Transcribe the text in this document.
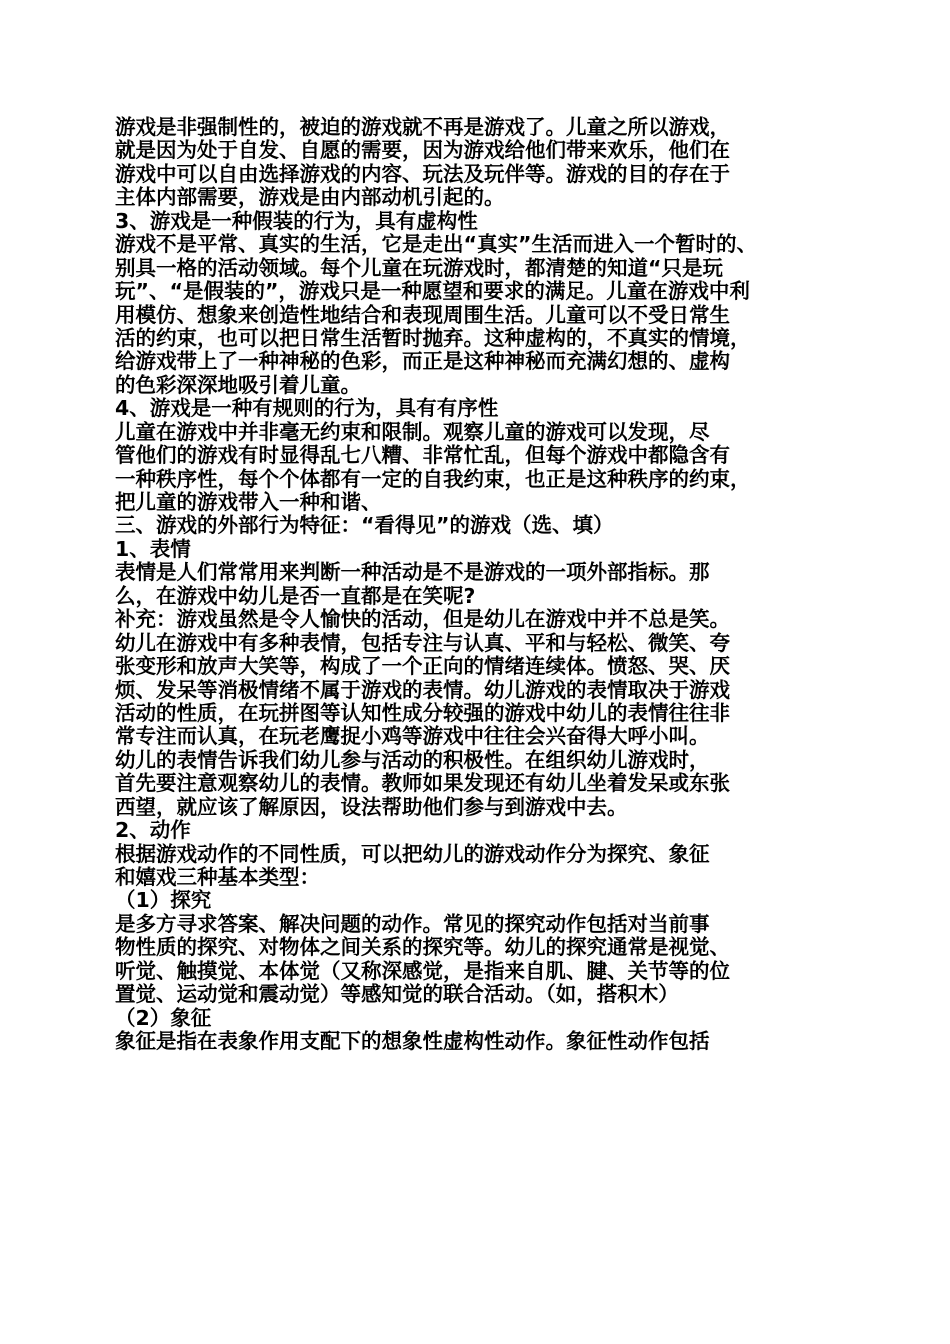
游戏是非强制性的，被迫的游戏就不再是游戏了。儿童之所以游戏，
就是因为处于自发、自愿的需要，因为游戏给他们带来欢乐，他们在
游戏中可以自由选择游戏的内容、玩法及玩伴等。游戏的目的存在于
主体内部需要，游戏是由内部动机引起的。
3、游戏是一种假装的行为，具有虚构性
游戏不是平常、真实的生活，它是走出“真实”生活而进入一个暂时的、
别具一格的活动领域。每个儿童在玩游戏时，都清楚的知道“只是玩
玩”、“是假装的”，游戏只是一种愿望和要求的满足。儿童在游戏中利
用模仿、想象来创造性地结合和表现周围生活。儿童可以不受日常生
活的约束，也可以把日常生活暂时抛弃。这种虚构的，不真实的情境，
给游戏带上了一种神秘的色彩，而正是这种神秘而充满幻想的、虚构
的色彩深深地吸引着儿童。
4、游戏是一种有规则的行为，具有有序性
儿童在游戏中并非毫无约束和限制。观察儿童的游戏可以发现，尽
管他们的游戏有时显得乱七八糟、非常忙乱，但每个游戏中都隐含有
一种秩序性，每个个体都有一定的自我约束，也正是这种秩序的约束，
把儿童的游戏带入一种和谐、
三、游戏的外部行为特征：“看得见”的游戏（选、填）
1、表情
表情是人们常常用来判断一种活动是不是游戏的一项外部指标。那
么，在游戏中幼儿是否一直都是在笑呢?
补充：游戏虽然是令人愉快的活动，但是幼儿在游戏中并不总是笑。
幼儿在游戏中有多种表情，包括专注与认真、平和与轻松、微笑、夸
张变形和放声大笑等，构成了一个正向的情绪连续体。愤怒、哭、厌
烦、发呆等消极情绪不属于游戏的表情。幼儿游戏的表情取决于游戏
活动的性质，在玩拼图等认知性成分较强的游戏中幼儿的表情往往非
常专注而认真，在玩老鹰捉小鸡等游戏中往往会兴奋得大呼小叫。
幼儿的表情告诉我们幼儿参与活动的积极性。在组织幼儿游戏时，
首先要注意观察幼儿的表情。教师如果发现还有幼儿坐着发呆或东张
西望，就应该了解原因，设法帮助他们参与到游戏中去。
2、动作
根据游戏动作的不同性质，可以把幼儿的游戏动作分为探究、象征
和嬉戏三种基本类型：
（1）探究
是多方寻求答案、解决问题的动作。常见的探究动作包括对当前事
物性质的探究、对物体之间关系的探究等。幼儿的探究通常是视觉、
听觉、触摸觉、本体觉（又称深感觉，是指来自肌、腱、关节等的位
置觉、运动觉和震动觉）等感知觉的联合活动。（如，搭积木）
（2）象征
象征是指在表象作用支配下的想象性虚构性动作。象征性动作包括
